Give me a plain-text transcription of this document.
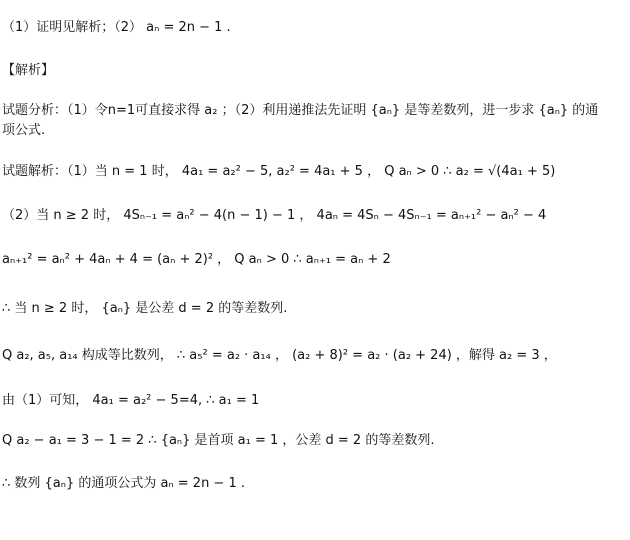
（1）证明见解析；（2） aₙ = 2n − 1 .
【解析】
试题分析：（1）令n=1可直接求得 a₂ ；（2）利用递推法先证明 {aₙ} 是等差数列，进一步求 {aₙ} 的通
项公式.
试题解析：（1）当 n = 1 时， 4a₁ = a₂² − 5, a₂² = 4a₁ + 5 ， Q aₙ > 0 ∴ a₂ = √(4a₁ + 5)
（2）当 n ≥ 2 时， 4Sₙ₋₁ = aₙ² − 4(n − 1) − 1 ， 4aₙ = 4Sₙ − 4Sₙ₋₁ = aₙ₊₁² − aₙ² − 4
aₙ₊₁² = aₙ² + 4aₙ + 4 = (aₙ + 2)² ， Q aₙ > 0 ∴ aₙ₊₁ = aₙ + 2
∴ 当 n ≥ 2 时， {aₙ} 是公差 d = 2 的等差数列.
Q a₂, a₅, a₁₄ 构成等比数列， ∴ a₅² = a₂ · a₁₄ ， (a₂ + 8)² = a₂ · (a₂ + 24) ，解得 a₂ = 3 ，
由（1）可知， 4a₁ = a₂² − 5=4, ∴ a₁ = 1
Q a₂ − a₁ = 3 − 1 = 2 ∴ {aₙ} 是首项 a₁ = 1 ，公差 d = 2 的等差数列.
∴ 数列 {aₙ} 的通项公式为 aₙ = 2n − 1 .
